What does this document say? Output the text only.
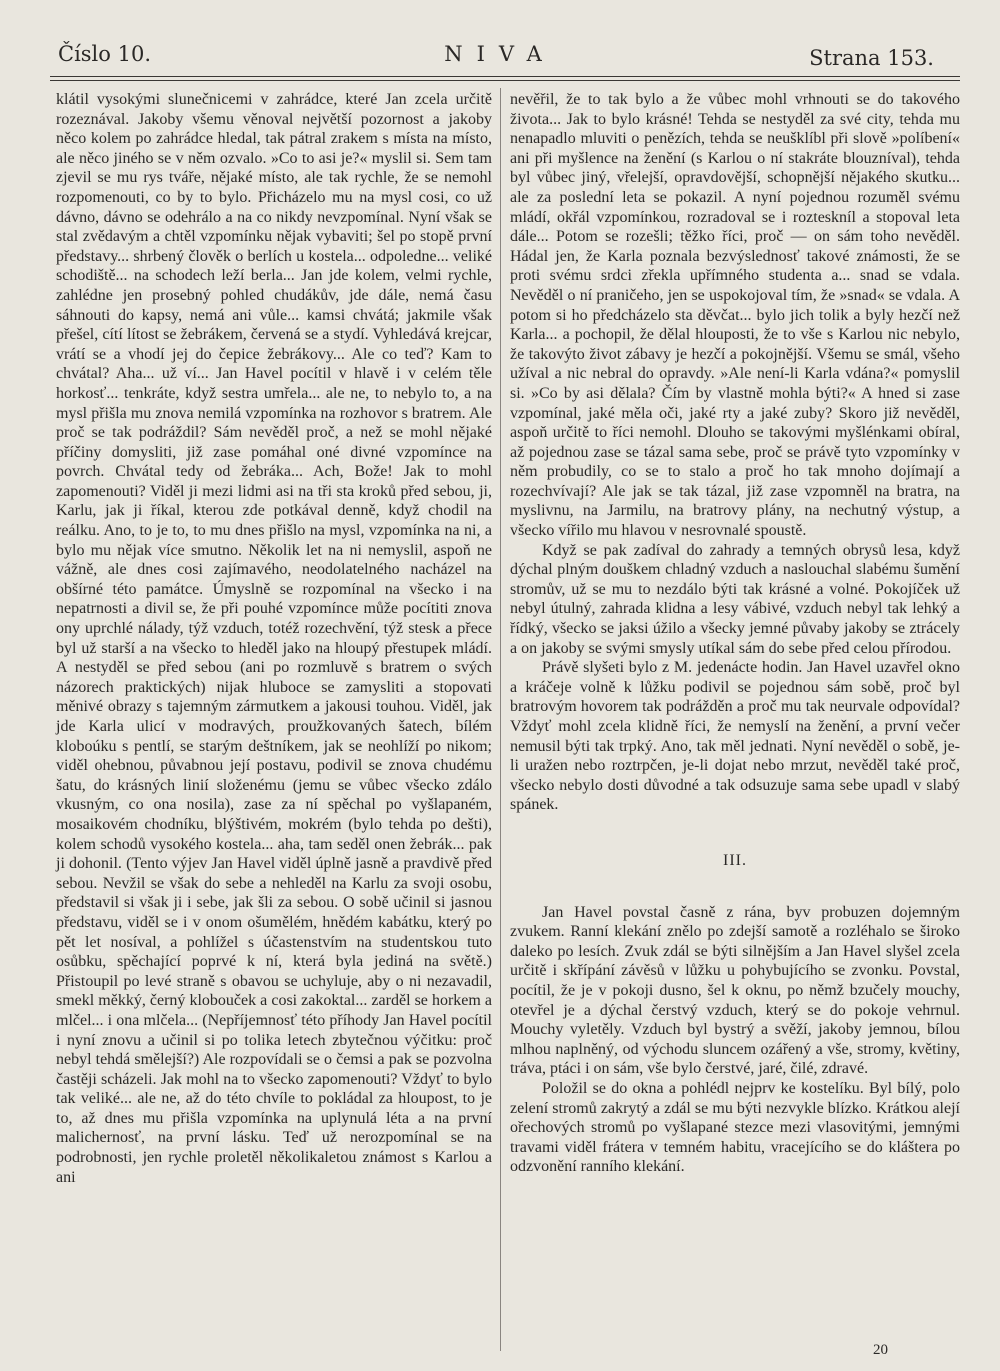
Číslo 10.	NIVA	Strana 153.

klátil vysokými slunečnicemi v zahrádce, které Jan zcela určitě rozeznával. Jakoby všemu věnoval největší pozornost a jakoby něco kolem po zahrádce hledal, tak pátral zrakem s místa na místo, ale něco jiného se v něm ozvalo. »Co to asi je?« myslil si. Sem tam zjevil se mu rys tváře, nějaké místo, ale tak rychle, že se nemohl rozpomenouti, co by to bylo. Přicházelo mu na mysl cosi, co už dávno, dávno se odehrálo a na co nikdy nevzpomínal. Nyní však se stal zvědavým a chtěl vzpomínku nějak vybaviti; šel po stopě první představy... shrbený člověk o berlích u kostela... odpoledne... veliké schodiště... na schodech leží berla... Jan jde kolem, velmi rychle, zahlédne jen prosebný pohled chudákův, jde dále, nemá času sáhnouti do kapsy, nemá ani vůle... kamsi chvátá; jakmile však přešel, cítí lítost se žebrákem, červená se a stydí. Vyhledává krejcar, vrátí se a vhodí jej do čepice žebrákovy... Ale co teď? Kam to chvátal? Aha... už ví... Jan Havel pocítil v hlavě i v celém těle horkosť... tenkráte, když sestra umřela... ale ne, to nebylo to, a na mysl přišla mu znova nemilá vzpomínka na rozhovor s bratrem. Ale proč se tak podráždil? Sám nevěděl proč, a než se mohl nějaké příčiny domysliti, již zase pomáhal oné divné vzpomínce na povrch. Chvátal tedy od žebráka... Ach, Bože! Jak to mohl zapomenouti? Viděl ji mezi lidmi asi na tři sta kroků před sebou, ji, Karlu, jak ji říkal, kterou zde potkával denně, když chodil na reálku. Ano, to je to, to mu dnes přišlo na mysl, vzpomínka na ni, a bylo mu nějak více smutno. Několik let na ni nemyslil, aspoň ne vážně, ale dnes cosi zajímavého, neodolatelného nacházel na obšírné této památce. Úmyslně se rozpomínal na všecko i na nepatrnosti a divil se, že při pouhé vzpomínce může pocítiti znova ony uprchlé nálady, týž vzduch, totéž rozechvění, týž stesk a přece byl už starší a na všecko to hleděl jako na hloupý přestupek mládí. A nestyděl se před sebou (ani po rozmluvě s bratrem o svých názorech praktických) nijak hluboce se zamysliti a stopovati měnivé obrazy s tajemným zármutkem a jakousi touhou. Viděl, jak jde Karla ulicí v modravých, proužkovaných šatech, bílém kloboúku s pentlí, se starým deštníkem, jak se neohlíží po nikom; viděl ohebnou, půvabnou její postavu, podivil se znova chudému šatu, do krásných linií složenému (jemu se vůbec všecko zdálo vkusným, co ona nosila), zase za ní spěchal po vyšlapaném, mosaikovém chodníku, blýštivém, mokrém (bylo tehda po dešti), kolem schodů vysokého kostela... aha, tam seděl onen žebrák... pak ji dohonil. (Tento výjev Jan Havel viděl úplně jasně a pravdivě před sebou. Nevžil se však do sebe a nehleděl na Karlu za svoji osobu, představil si však ji i sebe, jak šli za sebou. O sobě učinil si jasnou představu, viděl se i v onom ošumělém, hnědém kabátku, který po pět let nosíval, a pohlížel s účastenstvím na studentskou tuto osůbku, spěchající poprvé k ní, která byla jediná na světě.) Přistoupil po levé straně s obavou se uchyluje, aby o ni nezavadil, smekl měkký, černý klobouček a cosi zakoktal... zarděl se horkem a mlčel... i ona mlčela... (Nepříjemnosť této příhody Jan Havel pocítil i nyní znovu a učinil si po tolika letech zbytečnou výčitku: proč nebyl tehdá smělejší?) Ale rozpovídali se o čemsi a pak se pozvolna častěji scházeli. Jak mohl na to všecko zapomenouti? Vždyť to bylo tak veliké... ale ne, až do této chvíle to pokládal za hloupost, to je to, až dnes mu přišla vzpomínka na uplynulá léta a na první malichernosť, na první lásku. Teď už nerozpomínal se na podrobnosti, jen rychle proletěl několikaletou známost s Karlou a ani

nevěřil, že to tak bylo a že vůbec mohl vrhnouti se do takového života... Jak to bylo krásné! Tehda se nestyděl za své city, tehda mu nenapadlo mluviti o penězích, tehda se neušklíbl při slově »políbení« ani při myšlence na ženění (s Karlou o ní stakráte blouzníval), tehda byl vůbec jiný, vřelejší, opravdovější, schopnější nějakého skutku... ale za poslední leta se pokazil. A nyní pojednou rozuměl svému mládí, okřál vzpomínkou, rozradoval se i rozteskníl a stopoval leta dále... Potom se rozešli; těžko říci, proč — on sám toho nevěděl. Hádal jen, že Karla poznala bezvýslednosť takové známosti, že se proti svému srdci zřekla upřímného studenta a... snad se vdala. Nevěděl o ní praničeho, jen se uspokojoval tím, že »snad« se vdala. A potom si ho předcházelo sta děvčat... bylo jich tolik a byly hezčí než Karla... a pochopil, že dělal hlouposti, že to vše s Karlou nic nebylo, že takovýto život zábavy je hezčí a pokojnější. Všemu se smál, všeho užíval a nic nebral do opravdy. »Ale není-li Karla vdána?« pomyslil si. »Co by asi dělala? Čím by vlastně mohla býti?« A hned si zase vzpomínal, jaké měla oči, jaké rty a jaké zuby? Skoro již nevěděl, aspoň určitě to říci nemohl. Dlouho se takovými myšlénkami obíral, až pojednou zase se tázal sama sebe, proč se právě tyto vzpomínky v něm probudily, co se to stalo a proč ho tak mnoho dojímají a rozechvívají? Ale jak se tak tázal, již zase vzpomněl na bratra, na myslivnu, na Jarmilu, na bratrovy plány, na nechutný výstup, a všecko vířilo mu hlavou v nesrovnalé spoustě.

Když se pak zadíval do zahrady a temných obrysů lesa, když dýchal plným douškem chladný vzduch a naslouchal slabému šumění stromův, už se mu to nezdálo býti tak krásné a volné. Pokojíček už nebyl útulný, zahrada klidna a lesy vábivé, vzduch nebyl tak lehký a řídký, všecko se jaksi úžilo a všecky jemné půvaby jakoby se ztrácely a on jakoby se svými smysly utíkal sám do sebe před celou přírodou.

Právě slyšeti bylo z M. jedenácte hodin. Jan Havel uzavřel okno a kráčeje volně k lůžku podivil se pojednou sám sobě, proč byl bratrovým hovorem tak podrážděn a proč mu tak neurvale odpovídal? Vždyť mohl zcela klidně říci, že nemyslí na ženění, a první večer nemusil býti tak trpký. Ano, tak měl jednati. Nyní nevěděl o sobě, je-li uražen nebo roztrpčen, je-li dojat nebo mrzut, nevěděl také proč, všecko nebylo dosti důvodné a tak odsuzuje sama sebe upadl v slabý spánek.

III.

Jan Havel povstal časně z rána, byv probuzen dojemným zvukem. Ranní klekání znělo po zdejší samotě a rozléhalo se široko daleko po lesích. Zvuk zdál se býti silnějším a Jan Havel slyšel zcela určitě i skřípání závěsů v lůžku u pohybujícího se zvonku. Povstal, pocítil, že je v pokoji dusno, šel k oknu, po němž bzučely mouchy, otevřel je a dýchal čerstvý vzduch, který se do pokoje vehrnul. Mouchy vyletěly. Vzduch byl bystrý a svěží, jakoby jemnou, bílou mlhou naplněný, od východu sluncem ozářený a vše, stromy, květiny, tráva, ptáci i on sám, vše bylo čerstvé, jaré, čilé, zdravé.

Položil se do okna a pohlédl nejprv ke kostelíku. Byl bílý, polo zelení stromů zakrytý a zdál se mu býti nezvykle blízko. Krátkou alejí ořechových stromů po vyšlapané stezce mezi vlasovitými, jemnými travami viděl frátera v temném habitu, vracejícího se do kláštera po odzvonění ranního klekání.

20
